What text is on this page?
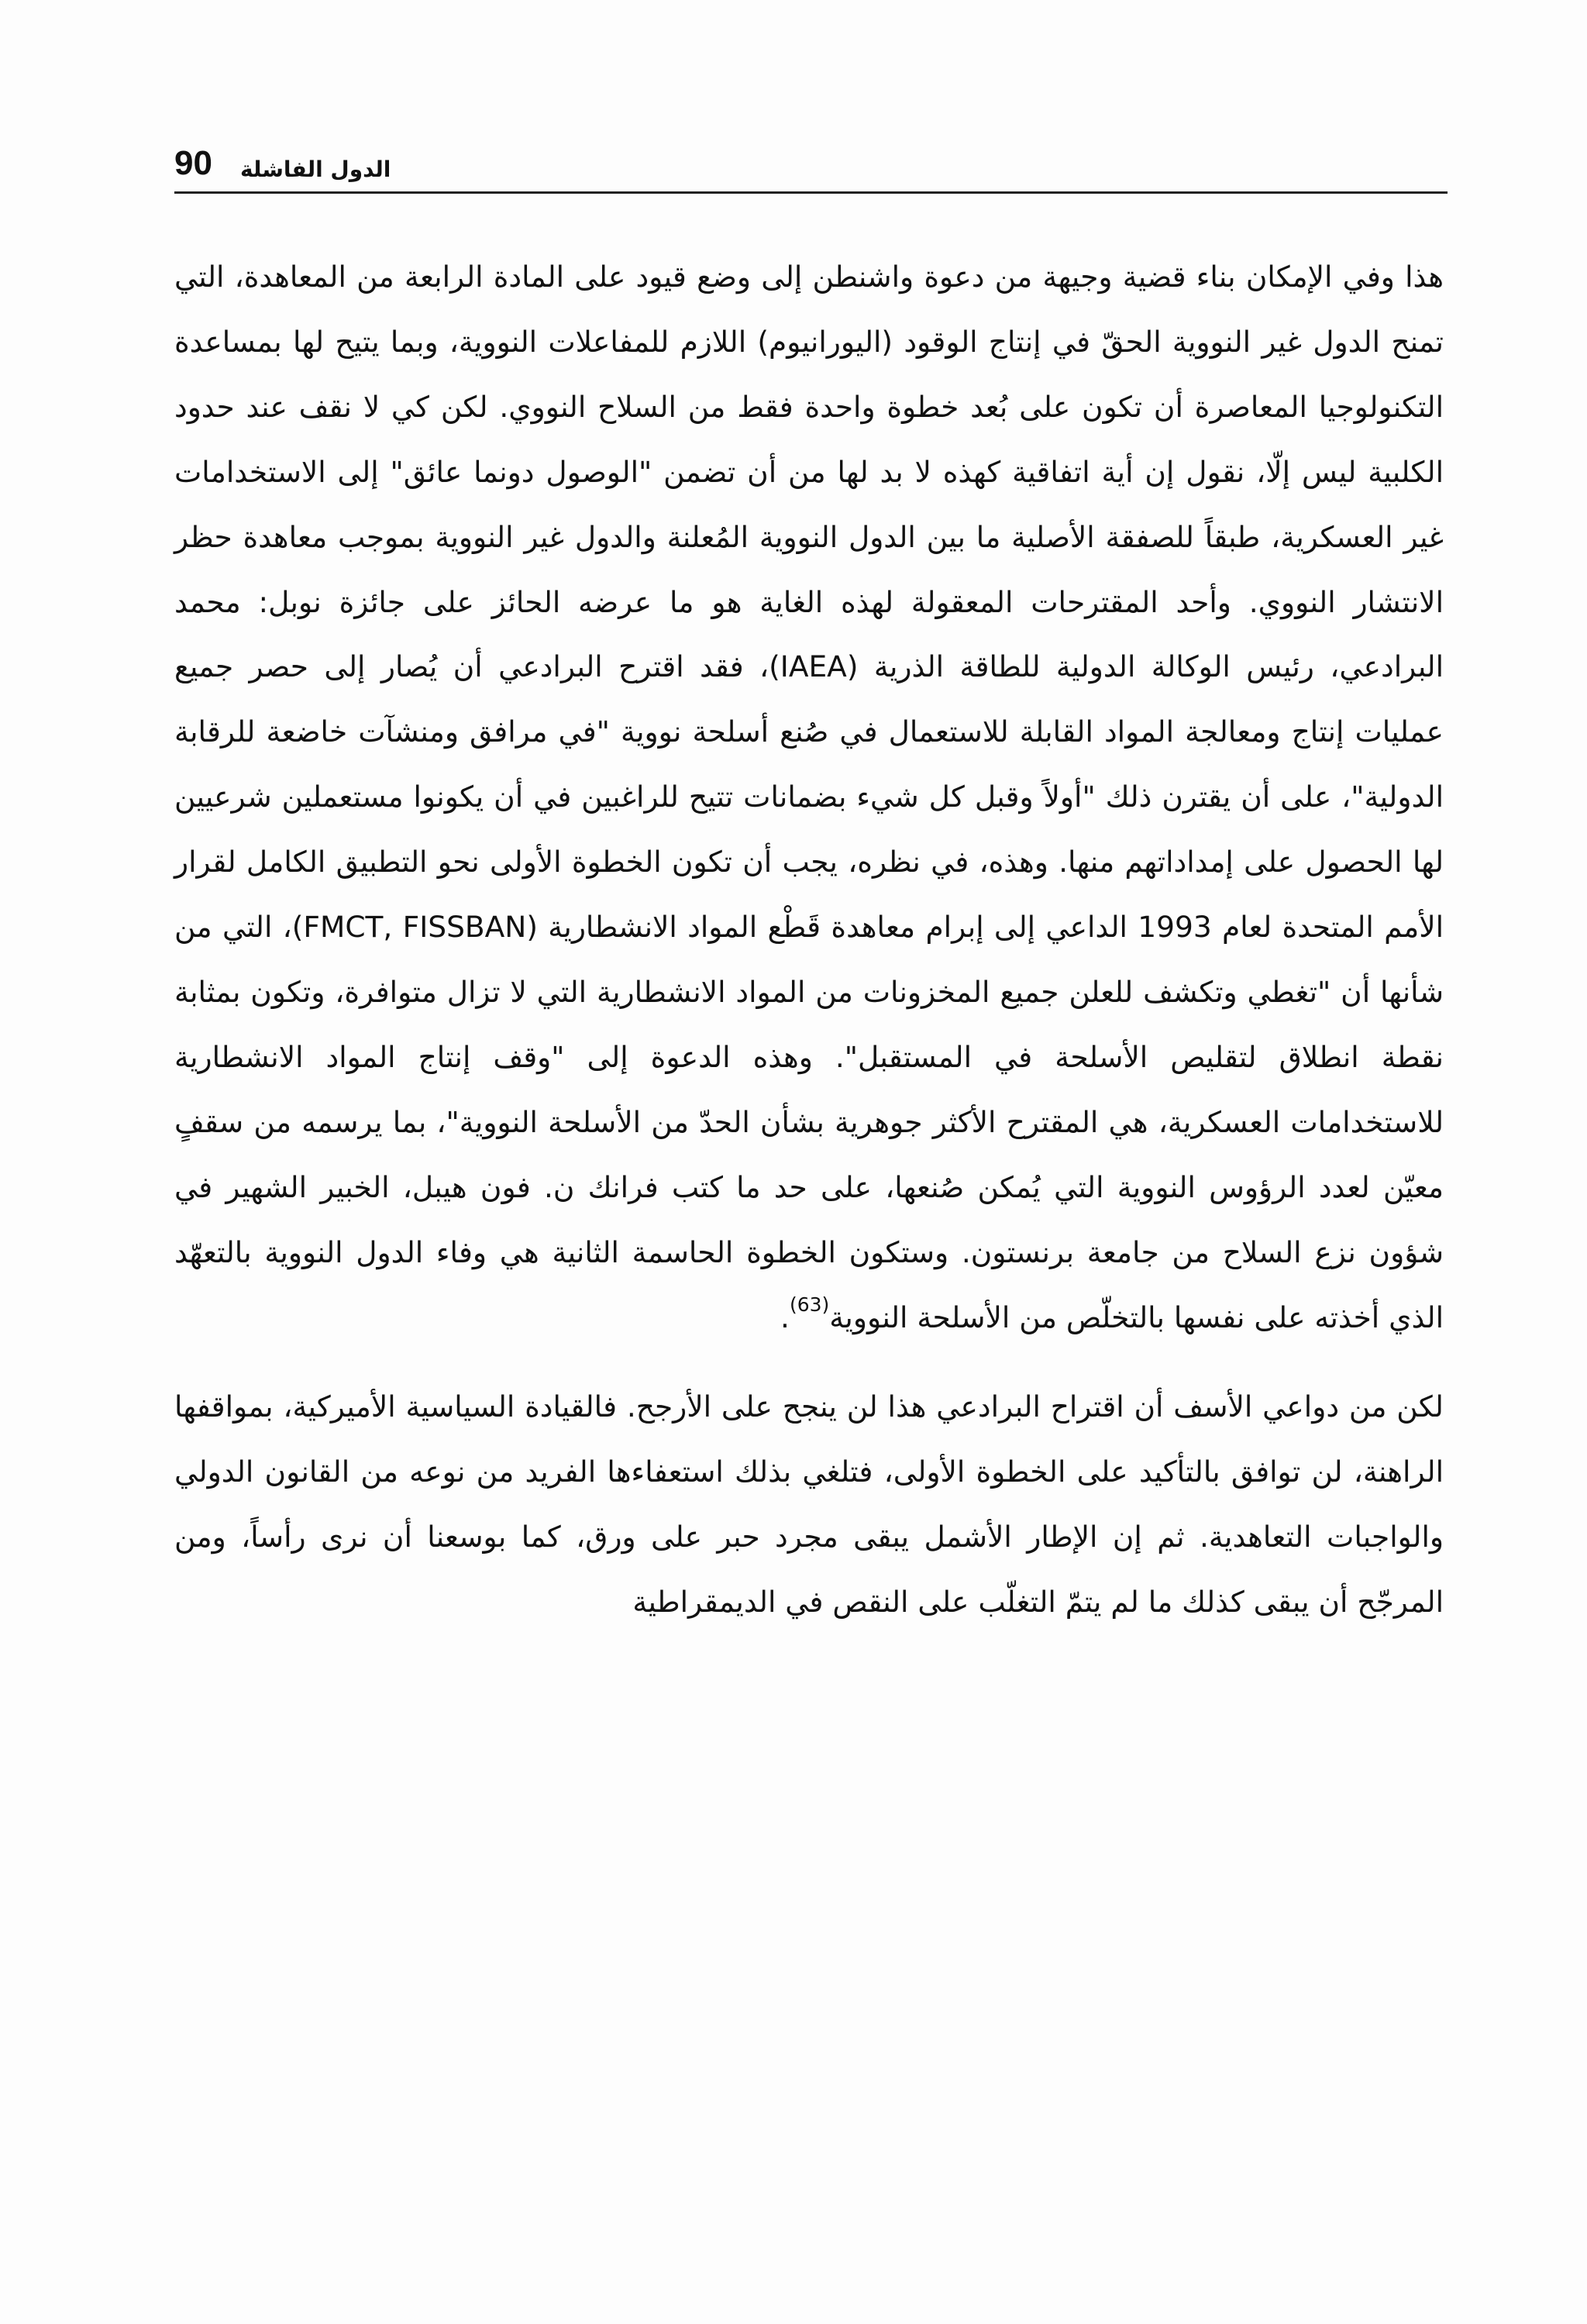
90 الدول الفاشلة

هذا وفي الإمكان بناء قضية وجيهة من دعوة واشنطن إلى وضع قيود على المادة الرابعة من المعاهدة، التي تمنح الدول غير النووية الحقّ في إنتاج الوقود (اليورانيوم) اللازم للمفاعلات النووية، وبما يتيح لها بمساعدة التكنولوجيا المعاصرة أن تكون على بُعد خطوة واحدة فقط من السلاح النووي. لكن كي لا نقف عند حدود الكلبية ليس إلّا، نقول إن أية اتفاقية كهذه لا بد لها من أن تضمن "الوصول دونما عائق" إلى الاستخدامات غير العسكرية، طبقاً للصفقة الأصلية ما بين الدول النووية المُعلنة والدول غير النووية بموجب معاهدة حظر الانتشار النووي. وأحد المقترحات المعقولة لهذه الغاية هو ما عرضه الحائز على جائزة نوبل: محمد البرادعي، رئيس الوكالة الدولية للطاقة الذرية (IAEA)، فقد اقترح البرادعي أن يُصار إلى حصر جميع عمليات إنتاج ومعالجة المواد القابلة للاستعمال في صُنع أسلحة نووية "في مرافق ومنشآت خاضعة للرقابة الدولية"، على أن يقترن ذلك "أولاً وقبل كل شيء بضمانات تتيح للراغبين في أن يكونوا مستعملين شرعيين لها الحصول على إمداداتهم منها. وهذه، في نظره، يجب أن تكون الخطوة الأولى نحو التطبيق الكامل لقرار الأمم المتحدة لعام 1993 الداعي إلى إبرام معاهدة قَطْع المواد الانشطارية (FMCT, FISSBAN)، التي من شأنها أن "تغطي وتكشف للعلن جميع المخزونات من المواد الانشطارية التي لا تزال متوافرة، وتكون بمثابة نقطة انطلاق لتقليص الأسلحة في المستقبل". وهذه الدعوة إلى "وقف إنتاج المواد الانشطارية للاستخدامات العسكرية، هي المقترح الأكثر جوهرية بشأن الحدّ من الأسلحة النووية"، بما يرسمه من سقفٍ معيّن لعدد الرؤوس النووية التي يُمكن صُنعها، على حد ما كتب فرانك ن. فون هيبل، الخبير الشهير في شؤون نزع السلاح من جامعة برنستون. وستكون الخطوة الحاسمة الثانية هي وفاء الدول النووية بالتعهّد الذي أخذته على نفسها بالتخلّص من الأسلحة النووية$^{(63)}$.

لكن من دواعي الأسف أن اقتراح البرادعي هذا لن ينجح على الأرجح. فالقيادة السياسية الأميركية، بمواقفها الراهنة، لن توافق بالتأكيد على الخطوة الأولى، فتلغي بذلك استعفاءها الفريد من نوعه من القانون الدولي والواجبات التعاهدية. ثم إن الإطار الأشمل يبقى مجرد حبر على ورق، كما بوسعنا أن نرى رأساً، ومن المرجّح أن يبقى كذلك ما لم يتمّ التغلّب على النقص في الديمقراطية
